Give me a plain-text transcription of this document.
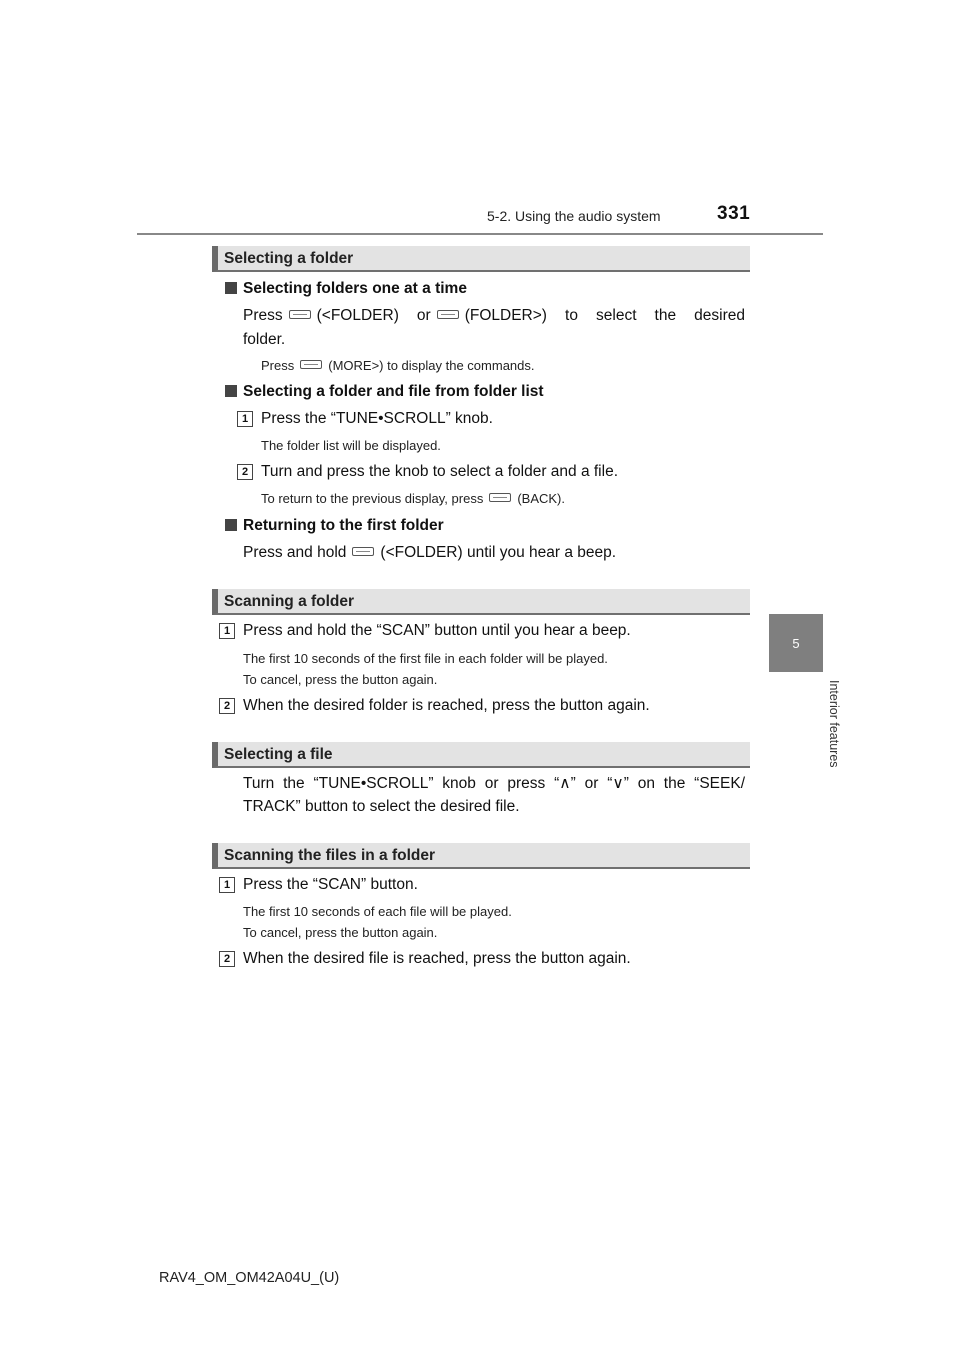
5-2. Using the audio system	331
5
Interior features
Selecting a folder
Selecting folders one at a time
Press (<FOLDER) or (FOLDER>) to select the desired
folder.
Press	(MORE>) to display the commands.
Selecting a folder and file from folder list
1 Press the “TUNE•SCROLL” knob.
The folder list will be displayed.
2 Turn and press the knob to select a folder and a file.
To return to the previous display, press	(BACK).
Returning to the first folder
Press and hold (<FOLDER) until you hear a beep.
Scanning a folder
1 Press and hold the “SCAN” button until you hear a beep.
The first 10 seconds of the first file in each folder will be played.
To cancel, press the button again.
2 When the desired folder is reached, press the button again.
Selecting a file
Turn the “TUNE•SCROLL” knob or press “∧” or “∨” on the “SEEK/
TRACK” button to select the desired file.
Scanning the files in a folder
1 Press the “SCAN” button.
The first 10 seconds of each file will be played.
To cancel, press the button again.
2 When the desired file is reached, press the button again.
RAV4_OM_OM42A04U_(U)
